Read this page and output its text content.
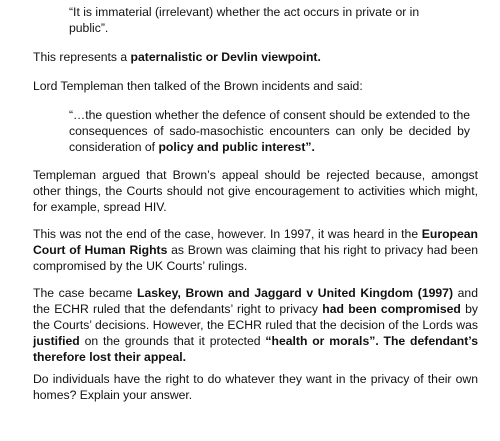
“It is immaterial (irrelevant) whether the act occurs in private or in
public”.

This represents a paternalistic or Devlin viewpoint.

Lord Templeman then talked of the Brown incidents and said:

“…the question whether the defence of consent should be extended to the consequences of sado-masochistic encounters can only be decided by consideration of policy and public interest”.

Templeman argued that Brown’s appeal should be rejected because, amongst other things, the Courts should not give encouragement to activities which might, for example, spread HIV.

This was not the end of the case, however. In 1997, it was heard in the European Court of Human Rights as Brown was claiming that his right to privacy had been compromised by the UK Courts’ rulings.

The case became Laskey, Brown and Jaggard v United Kingdom (1997) and the ECHR ruled that the defendants’ right to privacy had been compromised by the Courts’ decisions. However, the ECHR ruled that the decision of the Lords was justified on the grounds that it protected “health or morals”. The defendant’s therefore lost their appeal.

Do individuals have the right to do whatever they want in the privacy of their own homes? Explain your answer.
